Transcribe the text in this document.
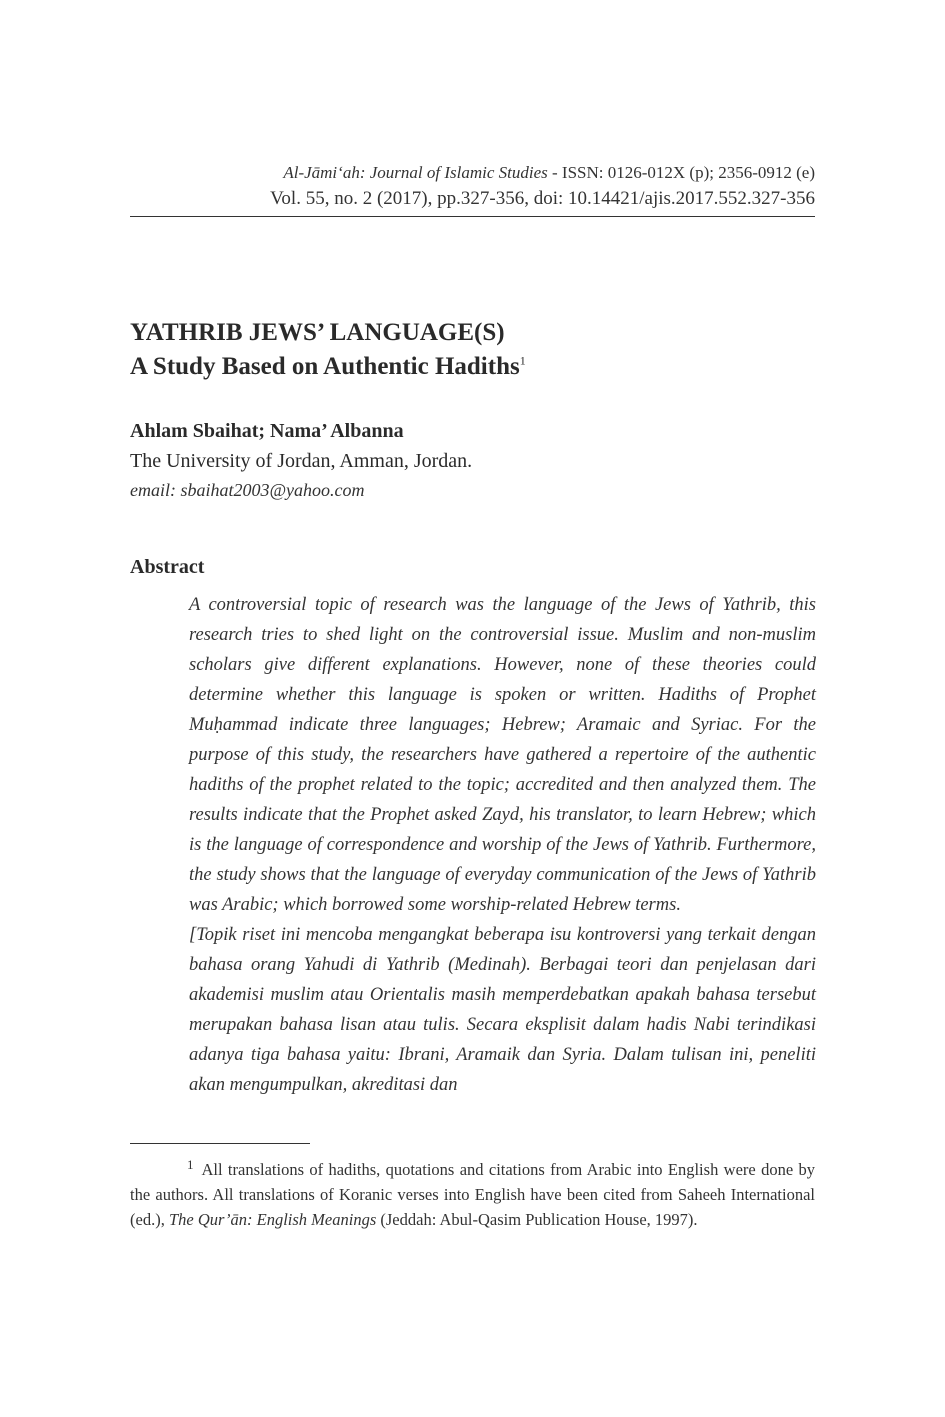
Al-Jāmi‘ah: Journal of Islamic Studies - ISSN: 0126-012X (p); 2356-0912 (e)
Vol. 55, no. 2 (2017), pp.327-356, doi: 10.14421/ajis.2017.552.327-356
YATHRIB JEWS’ LANGUAGE(S)
A Study Based on Authentic Hadiths$^1$
Ahlam Sbaihat; Nama’ Albanna
The University of Jordan, Amman, Jordan.
email: sbaihat2003@yahoo.com
Abstract

A controversial topic of research was the language of the Jews of Yathrib, this research tries to shed light on the controversial issue. Muslim and non-muslim scholars give different explanations. However, none of these theories could determine whether this language is spoken or written. Hadiths of Prophet Muḥammad indicate three languages; Hebrew; Aramaic and Syriac. For the purpose of this study, the researchers have gathered a repertoire of the authentic hadiths of the prophet related to the topic; accredited and then analyzed them. The results indicate that the Prophet asked Zayd, his translator, to learn Hebrew; which is the language of correspondence and worship of the Jews of Yathrib. Furthermore, the study shows that the language of everyday communication of the Jews of Yathrib was Arabic; which borrowed some worship-related Hebrew terms.

[Topik riset ini mencoba mengangkat beberapa isu kontroversi yang terkait dengan bahasa orang Yahudi di Yathrib (Medinah). Berbagai teori dan penjelasan dari akademisi muslim atau Orientalis masih memperdebatkan apakah bahasa tersebut merupakan bahasa lisan atau tulis. Secara eksplisit dalam hadis Nabi terindikasi adanya tiga bahasa yaitu: Ibrani, Aramaik dan Syria. Dalam tulisan ini, peneliti akan mengumpulkan, akreditasi dan

1 All translations of hadiths, quotations and citations from Arabic into English were done by the authors. All translations of Koranic verses into English have been cited from Saheeh International (ed.), The Qur’ān: English Meanings (Jeddah: Abul-Qasim Publication House, 1997).
